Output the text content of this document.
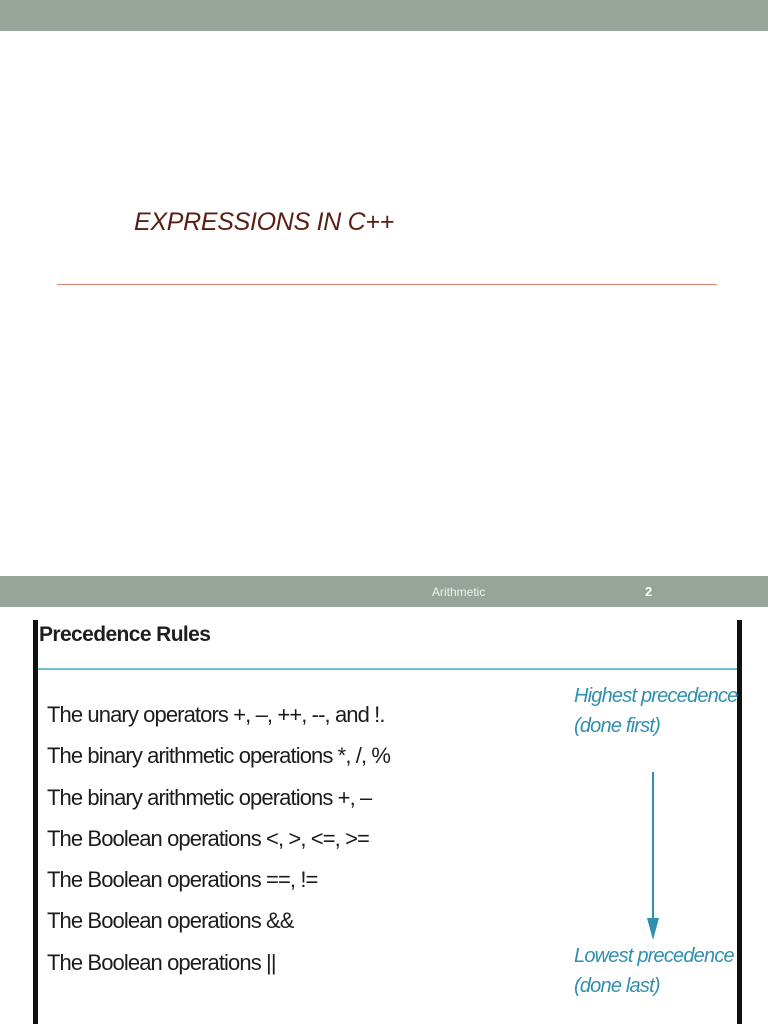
EXPRESSIONS IN C++
Arithmetic	2
Precedence Rules
The unary operators +, –, ++, --, and !.
The binary arithmetic operations *, /, %
The binary arithmetic operations +, –
The Boolean operations <, >, <=, >=
The Boolean operations ==, !=
The Boolean operations &&
The Boolean operations ||
Highest precedence
(done first)
Lowest precedence
(done last)
